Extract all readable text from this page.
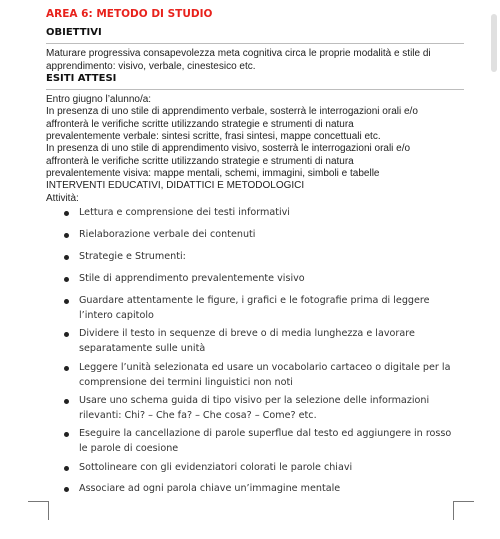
AREA 6: METODO DI STUDIO
OBIETTIVI
Maturare progressiva consapevolezza meta cognitiva circa le proprie modalità e stile di apprendimento: visivo, verbale, cinestesico etc.
ESITI ATTESI
Entro giugno l’alunno/a:
In presenza di uno stile di apprendimento verbale, sosterrà le interrogazioni orali e/o
affronterà le verifiche scritte utilizzando strategie e strumenti di natura
prevalentemente verbale: sintesi scritte, frasi sintesi, mappe concettuali etc.
In presenza di uno stile di apprendimento visivo, sosterrà le interrogazioni orali e/o
affronterà le verifiche scritte utilizzando strategie e strumenti di natura
prevalentemente visiva: mappe mentali, schemi, immagini, simboli e tabelle
INTERVENTI EDUCATIVI, DIDATTICI E METODOLOGICI
Attività:
Lettura e comprensione dei testi informativi
Rielaborazione verbale dei contenuti
Strategie e Strumenti:
Stile di apprendimento prevalentemente visivo
Guardare attentamente le figure, i grafici e le fotografie prima di leggere l’intero capitolo
Dividere il testo in sequenze di breve o di media lunghezza e lavorare separatamente sulle unità
Leggere l’unità selezionata ed usare un vocabolario cartaceo o digitale per la comprensione dei termini linguistici non noti
Usare uno schema guida di tipo visivo per la selezione delle informazioni rilevanti: Chi? – Che fa? – Che cosa? – Come? etc.
Eseguire la cancellazione di parole superflue dal testo ed aggiungere in rosso le parole di coesione
Sottolineare con gli evidenziatori colorati le parole chiavi
Associare ad ogni parola chiave un’immagine mentale
